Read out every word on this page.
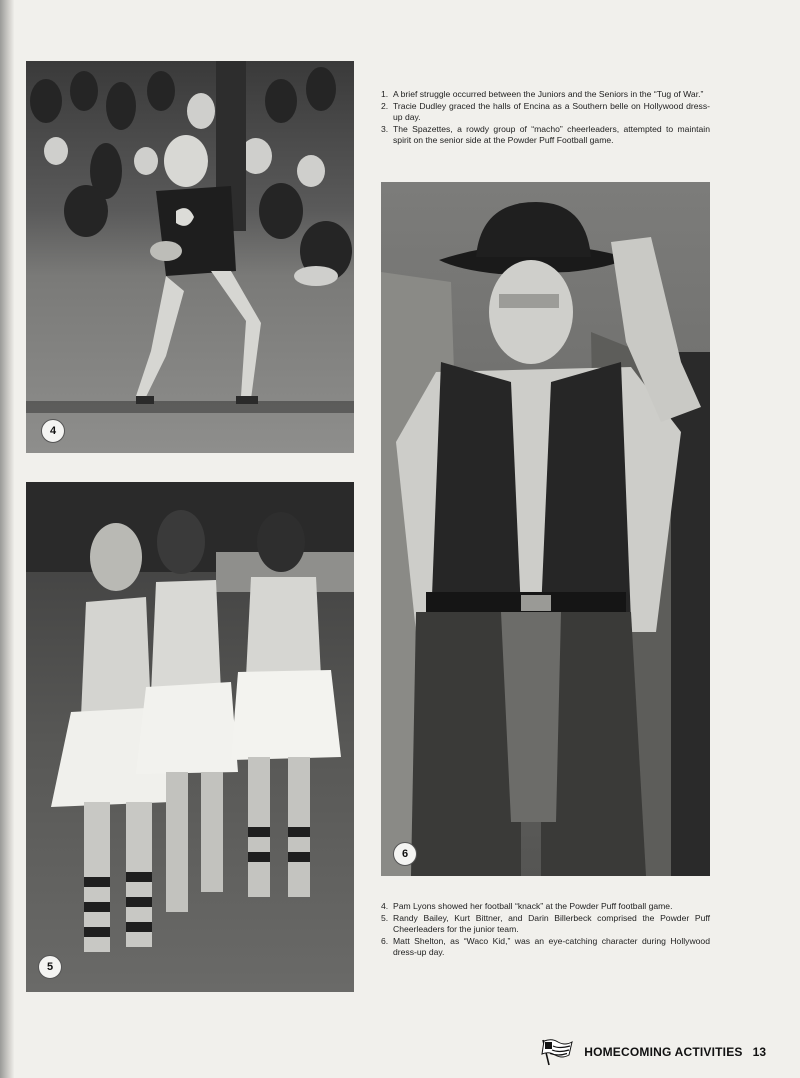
4
5
6
1. A brief struggle occurred between the Juniors and the Seniors in the “Tug of War.”
2. Tracie Dudley graced the halls of Encina as a Southern belle on Hollywood dress-up day.
3. The Spazettes, a rowdy group of “macho” cheerleaders, attempted to maintain spirit on the senior side at the Powder Puff Football game.
4. Pam Lyons showed her football “knack” at the Powder Puff football game.
5. Randy Bailey, Kurt Bittner, and Darin Billerbeck comprised the Powder Puff Cheerleaders for the junior team.
6. Matt Shelton, as “Waco Kid,” was an eye-catching character during Hollywood dress-up day.
HOMECOMING ACTIVITIES 13
